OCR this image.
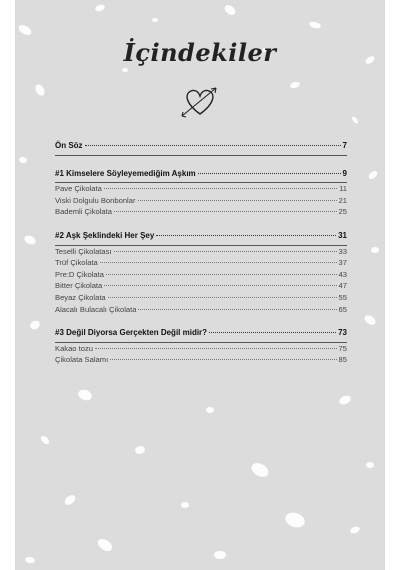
İçindekiler
Ön Söz	7
#1 Kimselere Söyleyemediğim Aşkım	9
Pave Çikolata	11
Viski Dolgulu Bonbonlar	21
Bademli Çikolata	25
#2 Aşk Şeklindeki Her Şey	31
Teselli Çikolatası	33
Trüf Çikolata	37
Pre:D Çikolata	43
Bitter Çikolata	47
Beyaz Çikolata	55
Alacalı Bulacalı Çikolata	65
#3 Değil Diyorsa Gerçekten Değil midir?	73
Kakao tozu	75
Çikolata Salamı	85
